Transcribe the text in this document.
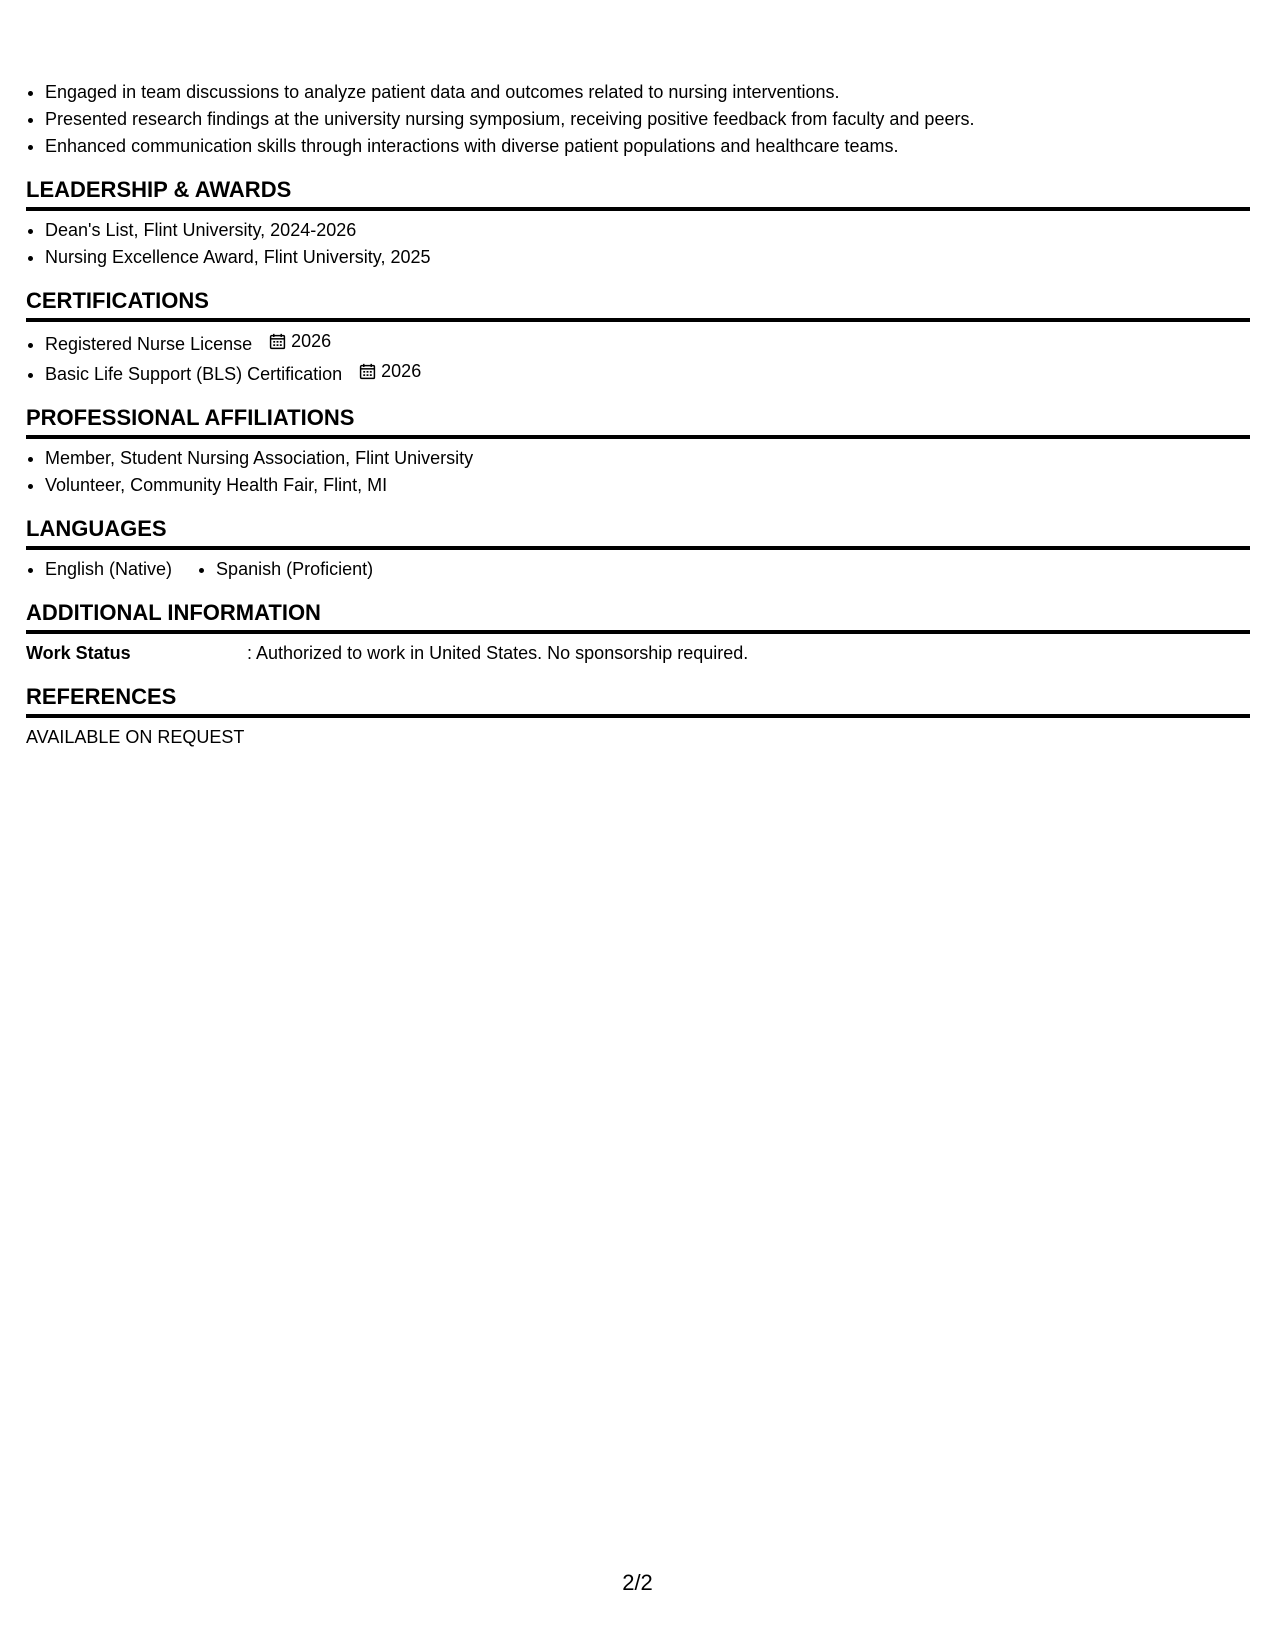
• Engaged in team discussions to analyze patient data and outcomes related to nursing interventions.
• Presented research findings at the university nursing symposium, receiving positive feedback from faculty and peers.
• Enhanced communication skills through interactions with diverse patient populations and healthcare teams.
LEADERSHIP & AWARDS
• Dean's List, Flint University, 2024-2026
• Nursing Excellence Award, Flint University, 2025
CERTIFICATIONS
• Registered Nurse License 2026
• Basic Life Support (BLS) Certification 2026
PROFESSIONAL AFFILIATIONS
• Member, Student Nursing Association, Flint University
• Volunteer, Community Health Fair, Flint, MI
LANGUAGES
• English (Native)
• Spanish (Proficient)
ADDITIONAL INFORMATION
Work Status	: Authorized to work in United States. No sponsorship required.
REFERENCES
AVAILABLE ON REQUEST
2/2
